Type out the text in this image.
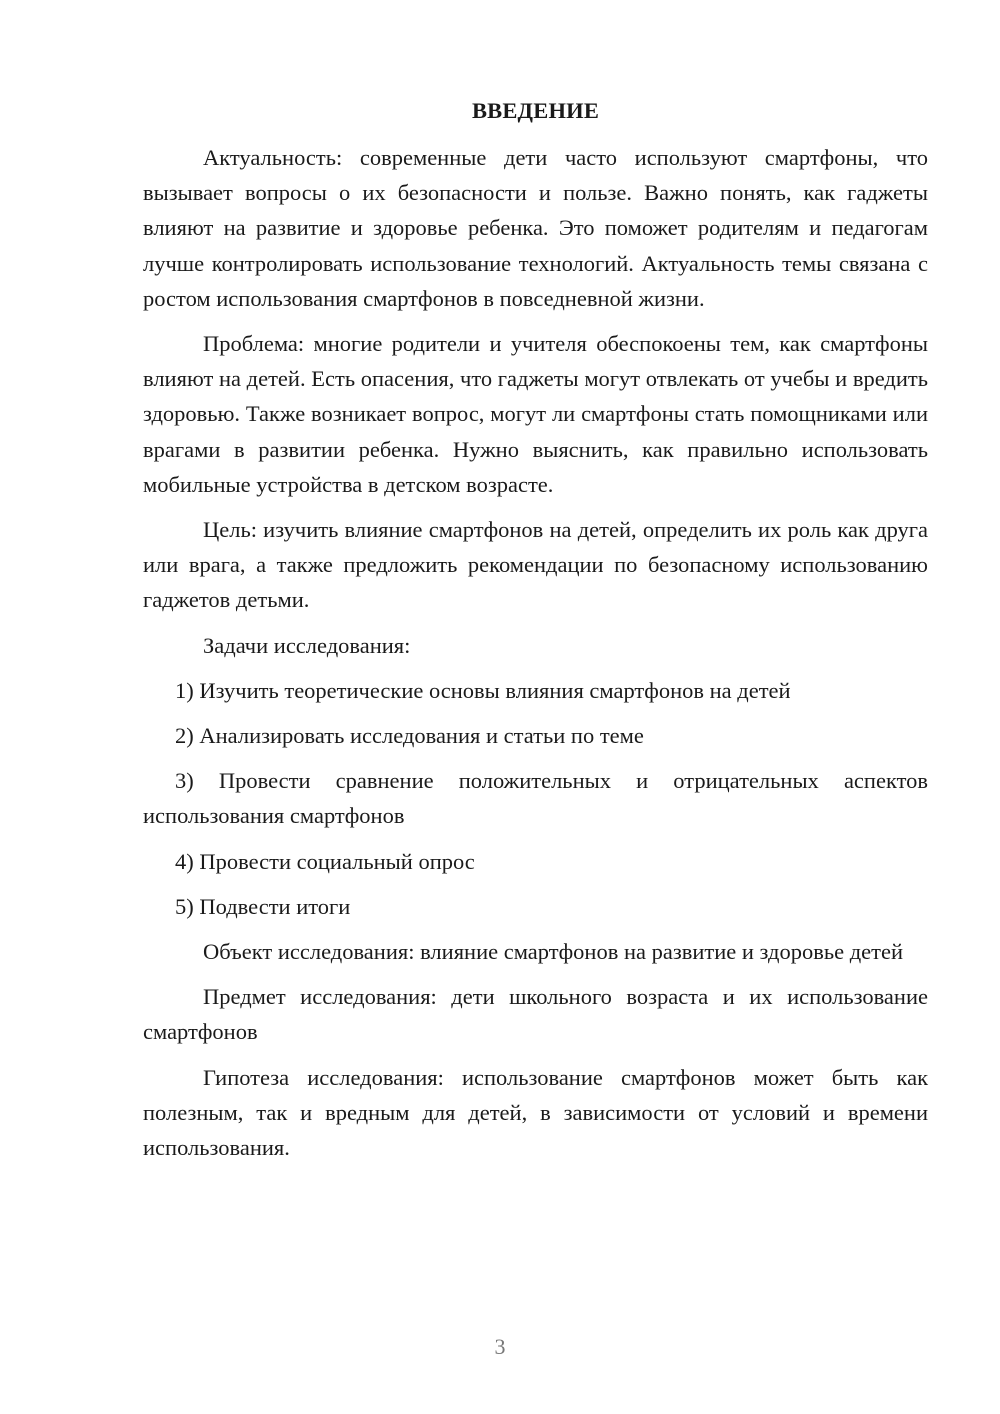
ВВЕДЕНИЕ

Актуальность: современные дети часто используют смартфоны, что вызывает вопросы о их безопасности и пользе. Важно понять, как гаджеты влияют на развитие и здоровье ребенка. Это поможет родителям и педагогам лучше контролировать использование технологий. Актуальность темы связана с ростом использования смартфонов в повседневной жизни.

Проблема: многие родители и учителя обеспокоены тем, как смартфоны влияют на детей. Есть опасения, что гаджеты могут отвлекать от учебы и вредить здоровью. Также возникает вопрос, могут ли смартфоны стать помощниками или врагами в развитии ребенка. Нужно выяснить, как правильно использовать мобильные устройства в детском возрасте.

Цель: изучить влияние смартфонов на детей, определить их роль как друга или врага, а также предложить рекомендации по безопасному использованию гаджетов детьми.

Задачи исследования:

1) Изучить теоретические основы влияния смартфонов на детей

2) Анализировать исследования и статьи по теме

3) Провести сравнение положительных и отрицательных аспектов использования смартфонов

4) Провести социальный опрос

5) Подвести итоги

Объект исследования: влияние смартфонов на развитие и здоровье детей

Предмет исследования: дети школьного возраста и их использование смартфонов

Гипотеза исследования: использование смартфонов может быть как полезным, так и вредным для детей, в зависимости от условий и времени использования.

3
